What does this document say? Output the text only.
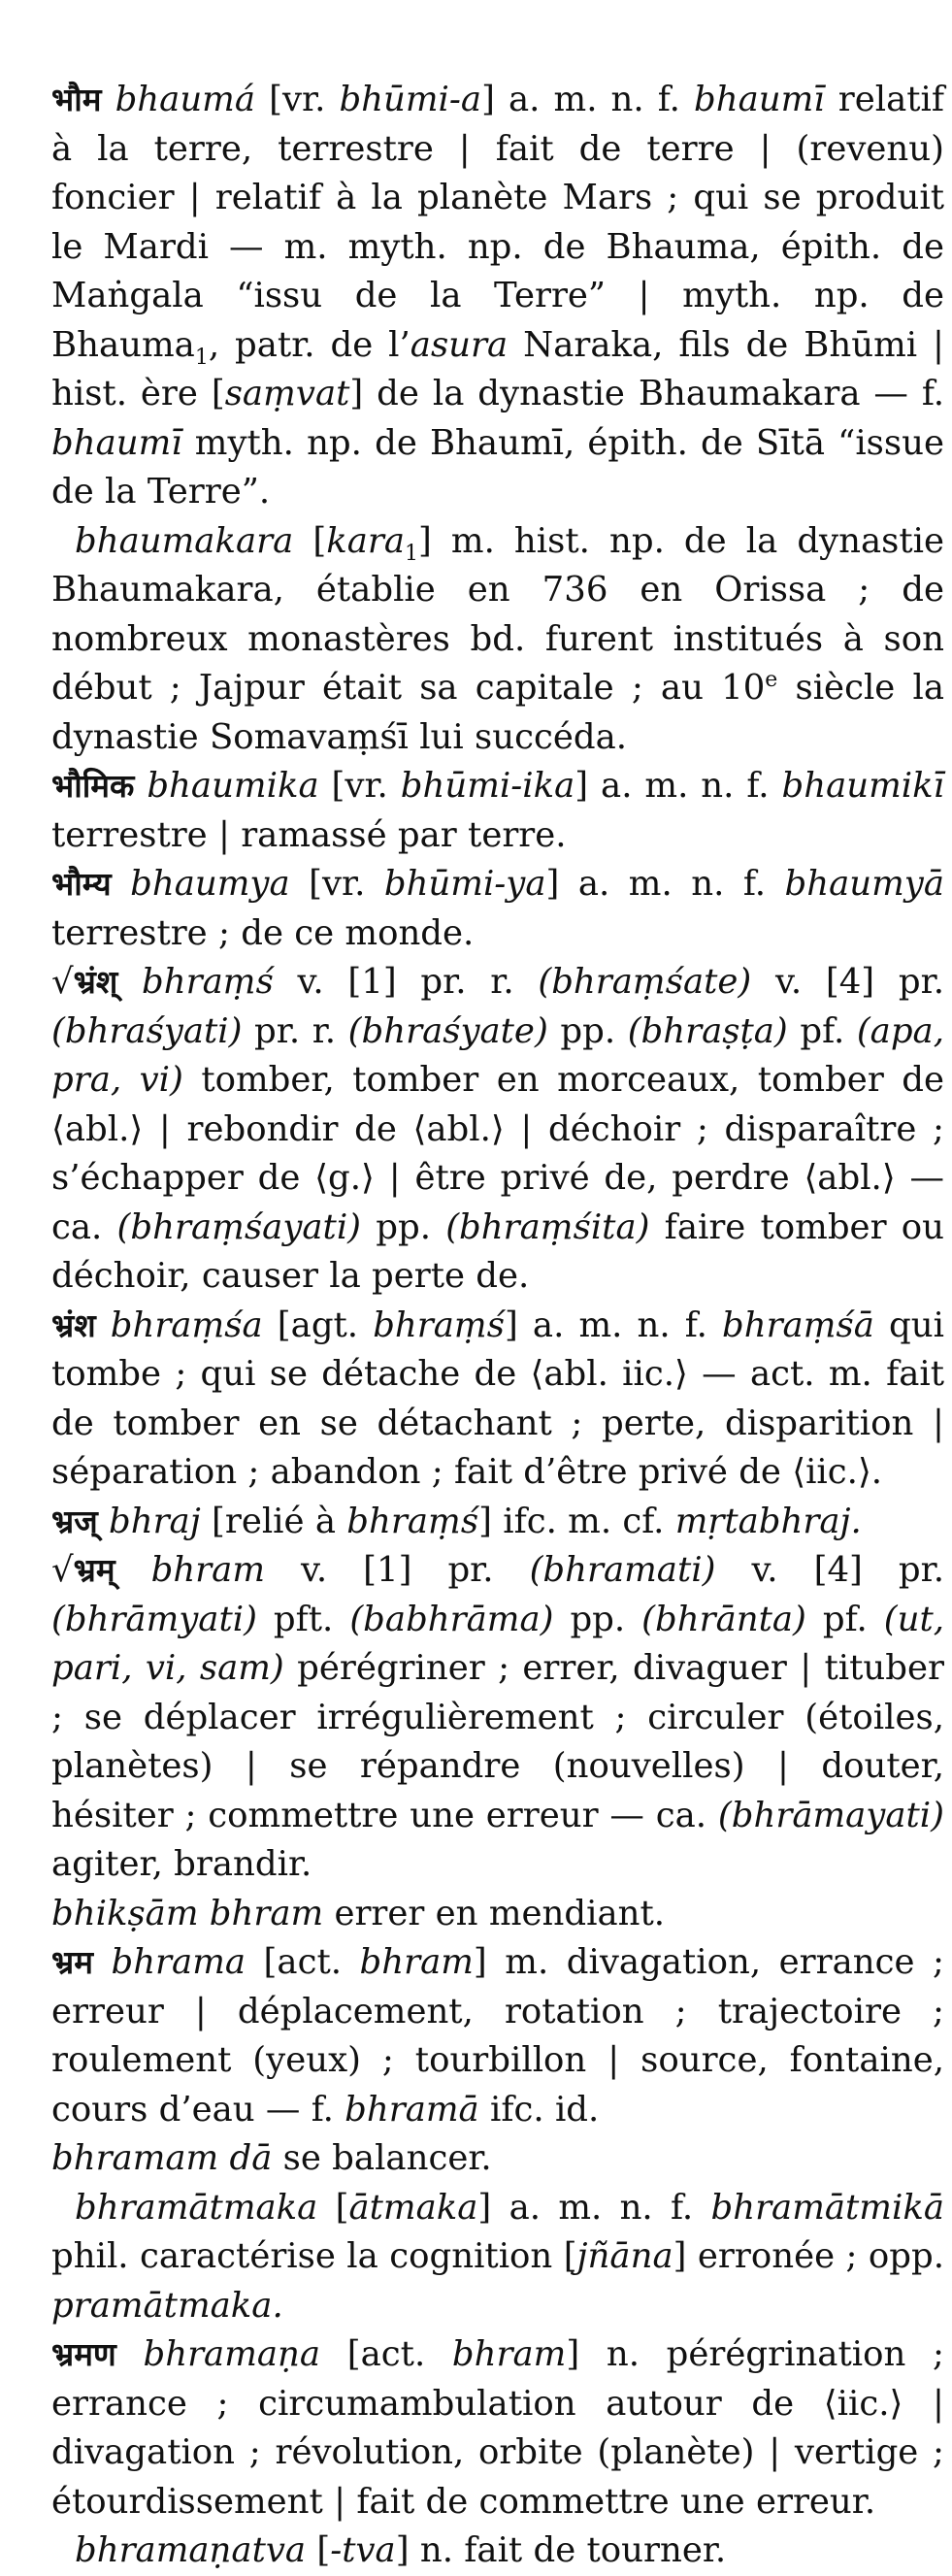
भौम bhaumá [vr. bhūmi-a] a. m. n. f. bhaumī relatif à la terre, terrestre | fait de terre | (revenu) foncier | relatif à la planète Mars ; qui se produit le Mardi — m. myth. np. de Bhauma, épith. de Maṅgala “issu de la Terre” | myth. np. de Bhauma$_1$, patr. de l’asura Naraka, fils de Bhūmi | hist. ère [saṃvat] de la dynastie Bhaumakara — f. bhaumī myth. np. de Bhaumī, épith. de Sītā “issue de la Terre”.

bhaumakara [kara$_1$] m. hist. np. de la dynastie Bhaumakara, établie en 736 en Orissa ; de nombreux monastères bd. furent institués à son début ; Jajpur était sa capitale ; au 10e siècle la dynastie Somavaṃśī lui succéda.

भौमिक bhaumika [vr. bhūmi-ika] a. m. n. f. bhaumikī terrestre | ramassé par terre.

भौम्य bhaumya [vr. bhūmi-ya] a. m. n. f. bhaumyā terrestre ; de ce monde.

√भ्रंश् bhraṃś v. [1] pr. r. (bhraṃśate) v. [4] pr. (bhraśyati) pr. r. (bhraśyate) pp. (bhraṣṭa) pf. (apa, pra, vi) tomber, tomber en morceaux, tomber de ⟨abl.⟩ | rebondir de ⟨abl.⟩ | déchoir ; disparaître ; s’échapper de ⟨g.⟩ | être privé de, perdre ⟨abl.⟩ — ca. (bhraṃśayati) pp. (bhraṃśita) faire tomber ou déchoir, causer la perte de.

भ्रंश bhraṃśa [agt. bhraṃś] a. m. n. f. bhraṃśā qui tombe ; qui se détache de ⟨abl. iic.⟩ — act. m. fait de tomber en se détachant ; perte, disparition | séparation ; abandon ; fait d’être privé de ⟨iic.⟩.

भ्रज् bhraj [relié à bhraṃś] ifc. m. cf. mṛtabhraj.

√भ्रम् bhram v. [1] pr. (bhramati) v. [4] pr. (bhrāmyati) pft. (babhrāma) pp. (bhrānta) pf. (ut, pari, vi, sam) pérégriner ; errer, divaguer | tituber ; se déplacer irrégulièrement ; circuler (étoiles, planètes) | se répandre (nouvelles) | douter, hésiter ; commettre une erreur — ca. (bhrāmayati) agiter, brandir.

bhikṣām bhram errer en mendiant.

भ्रम bhrama [act. bhram] m. divagation, errance ; erreur | déplacement, rotation ; trajectoire ; roulement (yeux) ; tourbillon | source, fontaine, cours d’eau — f. bhramā ifc. id.

bhramam dā se balancer.

bhramātmaka [ātmaka] a. m. n. f. bhramātmikā phil. caractérise la cognition [jñāna] erronée ; opp. pramātmaka.

भ्रमण bhramaṇa [act. bhram] n. pérégrination ; errance ; circumambulation autour de ⟨iic.⟩ | divagation ; révolution, orbite (planète) | vertige ; étourdissement | fait de commettre une erreur.

bhramaṇatva [-tva] n. fait de tourner.
